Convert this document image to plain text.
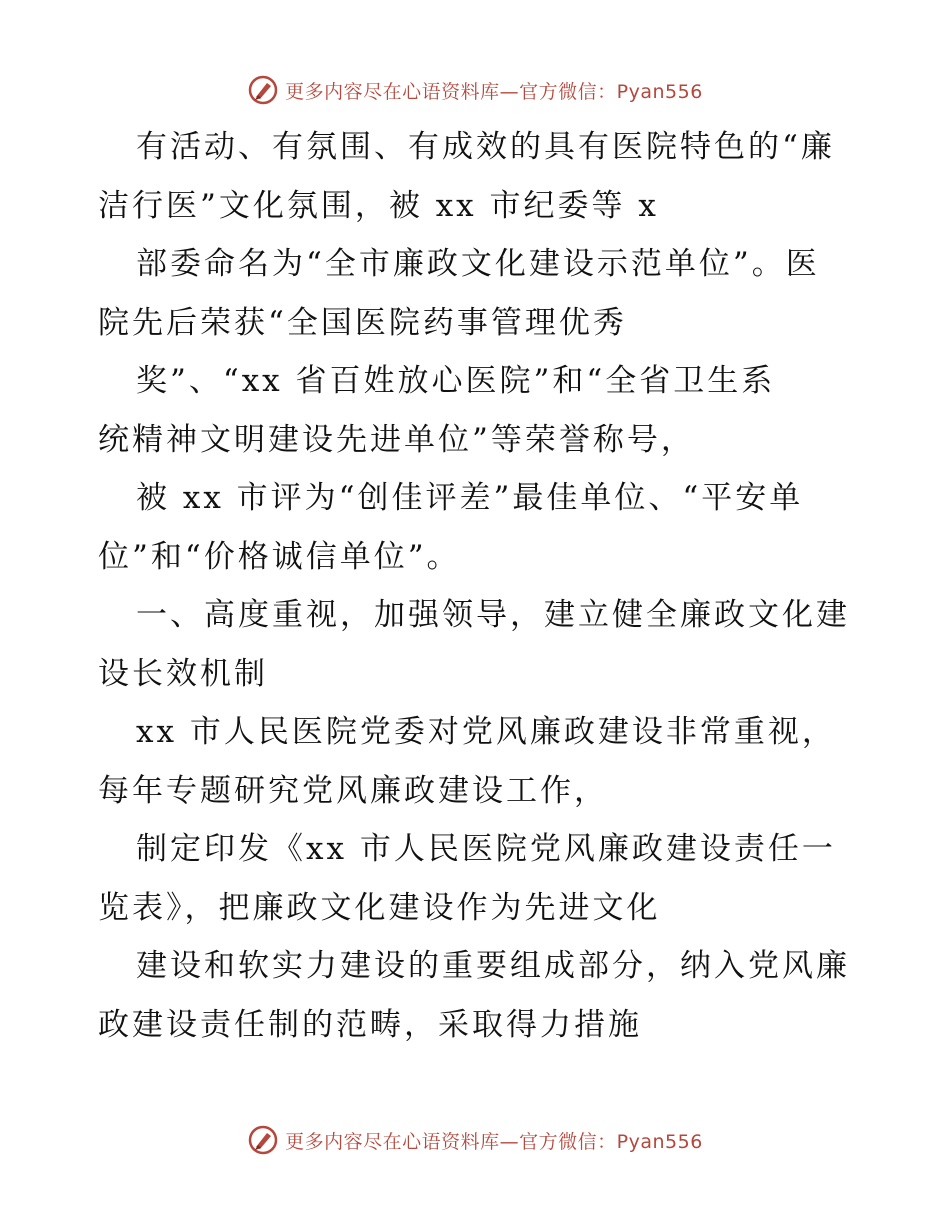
更多内容尽在心语资料库—官方微信：Pyan556

有活动、有氛围、有成效的具有医院特色的“廉

洁行医”文化氛围，被 xx 市纪委等 x

部委命名为“全市廉政文化建设示范单位”。医

院先后荣获“全国医院药事管理优秀

奖”、“xx 省百姓放心医院”和“全省卫生系

统精神文明建设先进单位”等荣誉称号，

被 xx 市评为“创佳评差”最佳单位、“平安单

位”和“价格诚信单位”。

一、高度重视，加强领导，建立健全廉政文化建

设长效机制

xx 市人民医院党委对党风廉政建设非常重视，

每年专题研究党风廉政建设工作，

制定印发《xx 市人民医院党风廉政建设责任一

览表》，把廉政文化建设作为先进文化

建设和软实力建设的重要组成部分，纳入党风廉

政建设责任制的范畴，采取得力措施

更多内容尽在心语资料库—官方微信：Pyan556
